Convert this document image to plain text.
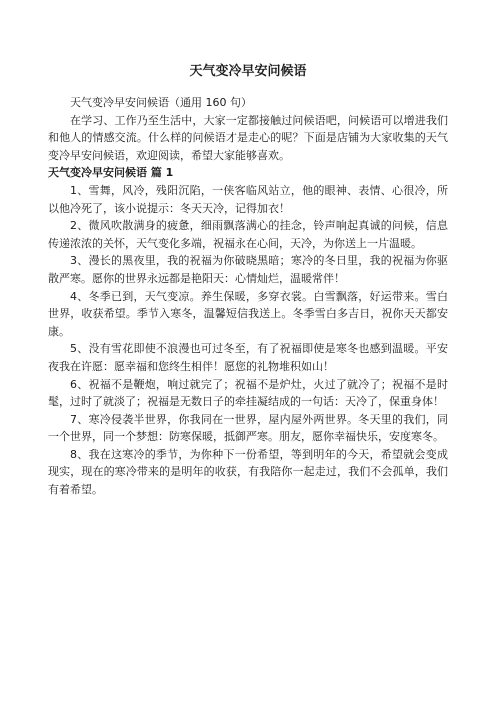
天气变冷早安问候语

天气变冷早安问候语（通用 160 句）

在学习、工作乃至生活中，大家一定都接触过问候语吧，问候语可以增进我们和他人的情感交流。什么样的问候语才是走心的呢？下面是店铺为大家收集的天气变冷早安问候语，欢迎阅读，希望大家能够喜欢。

天气变冷早安问候语 篇 1

1、雪舞，风冷，残阳沉陷，一侠客临风站立，他的眼神、表情、心很冷，所以他冷死了，该小说提示：冬天天冷，记得加衣！

2、微风吹散满身的疲惫，细雨飘落满心的挂念，铃声响起真诚的问候，信息传递浓浓的关怀，天气变化多端，祝福永在心间，天冷，为你送上一片温暖。

3、漫长的黑夜里，我的祝福为你破晓黑暗；寒冷的冬日里，我的祝福为你驱散严寒。愿你的世界永远都是艳阳天：心情灿烂，温暖常伴！

4、冬季已到，天气变凉。养生保暖，多穿衣裳。白雪飘落，好运带来。雪白世界，收获希望。季节入寒冬，温馨短信我送上。冬季雪白多吉日，祝你天天都安康。

5、没有雪花即使不浪漫也可过冬至，有了祝福即使是寒冬也感到温暖。平安夜我在许愿：愿幸福和您终生相伴！愿您的礼物堆积如山！

6、祝福不是鞭炮，响过就完了；祝福不是炉灶，火过了就冷了；祝福不是时髦，过时了就淡了；祝福是无数日子的牵挂凝结成的一句话：天冷了，保重身体！

7、寒冷侵袭半世界，你我同在一世界，屋内屋外两世界。冬天里的我们，同一个世界，同一个梦想：防寒保暖，抵御严寒。朋友，愿你幸福快乐，安度寒冬。

8、我在这寒冷的季节，为你种下一份希望，等到明年的今天，希望就会变成现实，现在的寒冷带来的是明年的收获，有我陪你一起走过，我们不会孤单，我们有着希望。
